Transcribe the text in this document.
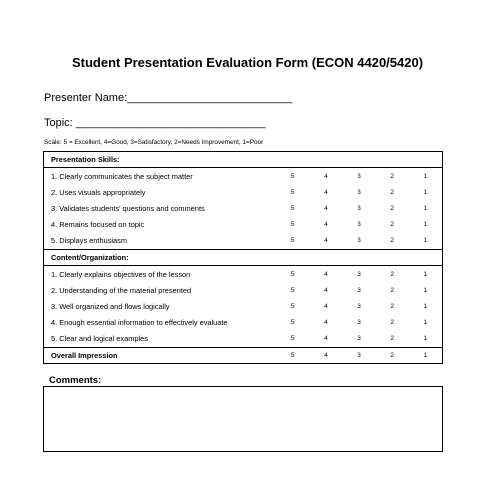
Student Presentation Evaluation Form (ECON 4420/5420)
Presenter Name:___________________________
Topic: _______________________________
Scale: 5 = Excellent, 4=Good, 3=Satisfactory, 2=Needs Improvement, 1=Poor
Presentation Skills:					
1. Clearly communicates the subject matter	5	4	3	2	1
2. Uses visuals appropriately	5	4	3	2	1
3. Validates students' questions and comments	5	4	3	2	1
4. Remains focused on topic	5	4	3	2	1
5. Displays enthusiasm	5	4	3	2	1
Content/Organization:					
1. Clearly explains objectives of the lesson	5	4	3	2	1
2. Understanding of the material presented	5	4	3	2	1
3. Well organized and flows logically	5	4	3	2	1
4. Enough essential information to effectively evaluate	5	4	3	2	1
5. Clear and logical examples	5	4	3	2	1
Overall Impression	5	4	3	2	1
Comments:
